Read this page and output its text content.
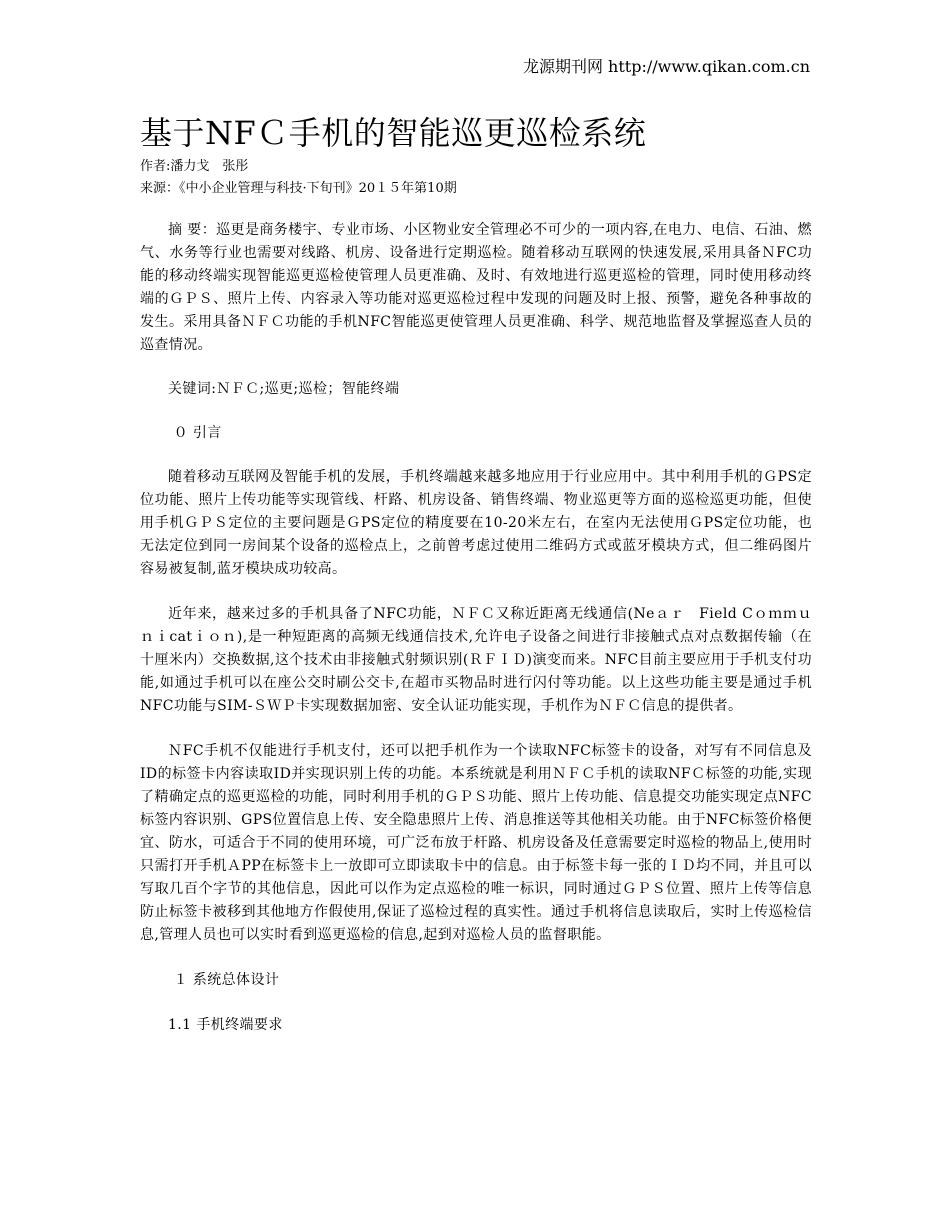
龙源期刊网 http://www.qikan.com.cn
基于NFＣ手机的智能巡更巡检系统

作者:潘力戈　张彤

来源：《中小企业管理与科技·下旬刊》20１５年第10期

摘 要：巡更是商务楼宇、专业市场、小区物业安全管理必不可少的一项内容,在电力、电信、石油、燃气、水务等行业也需要对线路、机房、设备进行定期巡检。随着移动互联网的快速发展,采用具备ＮFC功能的移动终端实现智能巡更巡检使管理人员更准确、及时、有效地进行巡更巡检的管理，同时使用移动终端的ＧＰＳ、照片上传、内容录入等功能对巡更巡检过程中发现的问题及时上报、预警，避免各种事故的发生。采用具备ＮＦＣ功能的手机NFC智能巡更使管理人员更准确、科学、规范地监督及掌握巡查人员的巡查情况。

关键词:ＮＦＣ;巡更;巡检；智能终端

０ 引言

随着移动互联网及智能手机的发展，手机终端越来越多地应用于行业应用中。其中利用手机的ＧPS定位功能、照片上传功能等实现管线、杆路、机房设备、销售终端、物业巡更等方面的巡检巡更功能，但使用手机ＧＰＳ定位的主要问题是ＧPS定位的精度要在10-20米左右，在室内无法使用ＧPS定位功能，也无法定位到同一房间某个设备的巡检点上，之前曾考虑过使用二维码方式或蓝牙模块方式，但二维码图片容易被复制,蓝牙模块成功较高。

近年来，越来过多的手机具备了NFC功能，ＮＦＣ又称近距离无线通信(Neａｒ　Field Cｏｍｍｕｎｉcatｉｏｎ),是一种短距离的高频无线通信技术,允许电子设备之间进行非接触式点对点数据传输（在十厘米内）交换数据,这个技术由非接触式射频识别(ＲＦＩＤ)演变而来。NFC目前主要应用于手机支付功能,如通过手机可以在座公交时刷公交卡,在超市买物品时进行闪付等功能。以上这些功能主要是通过手机NFC功能与SIM-ＳＷＰ卡实现数据加密、安全认证功能实现，手机作为ＮＦＣ信息的提供者。

ＮFC手机不仅能进行手机支付，还可以把手机作为一个读取NFC标签卡的设备，对写有不同信息及ID的标签卡内容读取ID并实现识别上传的功能。本系统就是利用ＮＦＣ手机的读取NFＣ标签的功能,实现了精确定点的巡更巡检的功能，同时利用手机的ＧＰＳ功能、照片上传功能、信息提交功能实现定点NFC标签内容识别、GPS位置信息上传、安全隐患照片上传、消息推送等其他相关功能。由于NFC标签价格便宜、防水，可适合于不同的使用环境，可广泛布放于杆路、机房设备及任意需要定时巡检的物品上,使用时只需打开手机ＡPP在标签卡上一放即可立即读取卡中的信息。由于标签卡每一张的ＩＤ均不同，并且可以写取几百个字节的其他信息，因此可以作为定点巡检的唯一标识，同时通过ＧＰＳ位置、照片上传等信息防止标签卡被移到其他地方作假使用,保证了巡检过程的真实性。通过手机将信息读取后，实时上传巡检信息,管理人员也可以实时看到巡更巡检的信息,起到对巡检人员的监督职能。

１ 系统总体设计

1.1 手机终端要求
